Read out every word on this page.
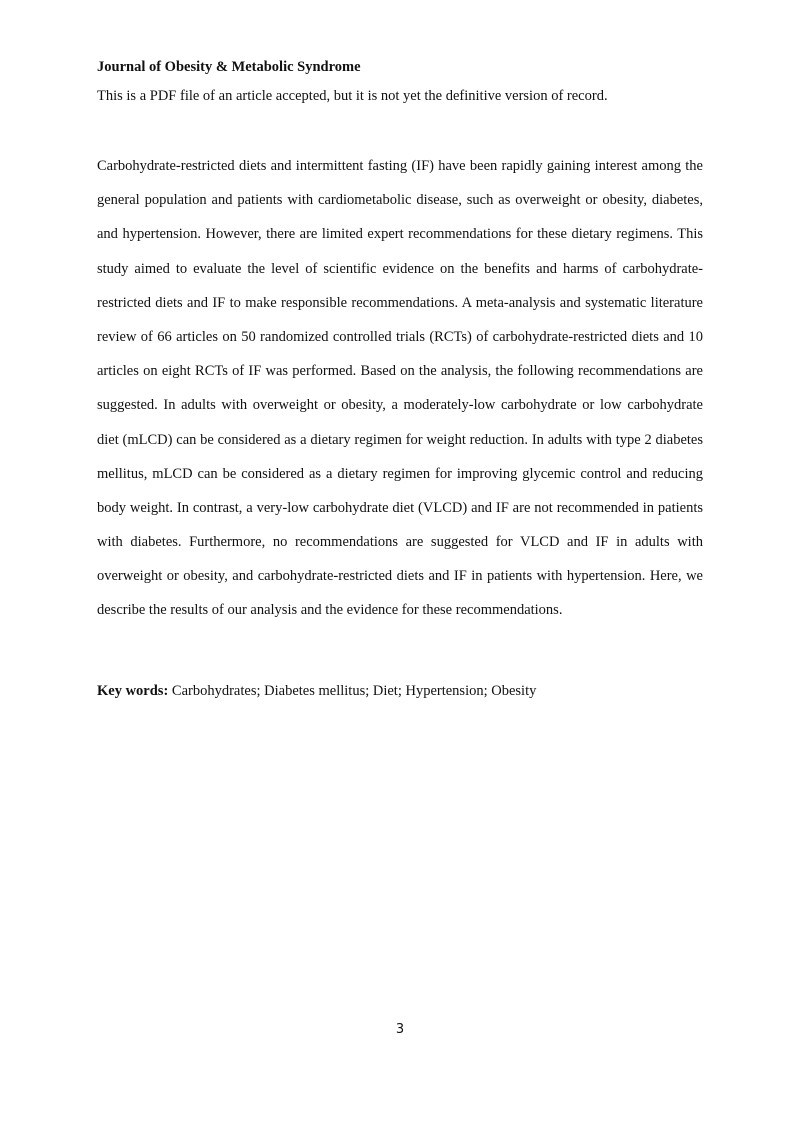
Journal of Obesity & Metabolic Syndrome
This is a PDF file of an article accepted, but it is not yet the definitive version of record.
Carbohydrate-restricted diets and intermittent fasting (IF) have been rapidly gaining interest among the
general population and patients with cardiometabolic disease, such as overweight or obesity, diabetes,
and hypertension. However, there are limited expert recommendations for these dietary regimens. This
study aimed to evaluate the level of scientific evidence on the benefits and harms of carbohydrate-
restricted diets and IF to make responsible recommendations. A meta-analysis and systematic literature
review of 66 articles on 50 randomized controlled trials (RCTs) of carbohydrate-restricted diets and 10
articles on eight RCTs of IF was performed. Based on the analysis, the following recommendations are
suggested. In adults with overweight or obesity, a moderately-low carbohydrate or low carbohydrate
diet (mLCD) can be considered as a dietary regimen for weight reduction. In adults with type 2 diabetes
mellitus, mLCD can be considered as a dietary regimen for improving glycemic control and reducing
body weight. In contrast, a very-low carbohydrate diet (VLCD) and IF are not recommended in patients
with diabetes. Furthermore, no recommendations are suggested for VLCD and IF in adults with
overweight or obesity, and carbohydrate-restricted diets and IF in patients with hypertension. Here, we
describe the results of our analysis and the evidence for these recommendations.
Key words: Carbohydrates; Diabetes mellitus; Diet; Hypertension; Obesity
3
